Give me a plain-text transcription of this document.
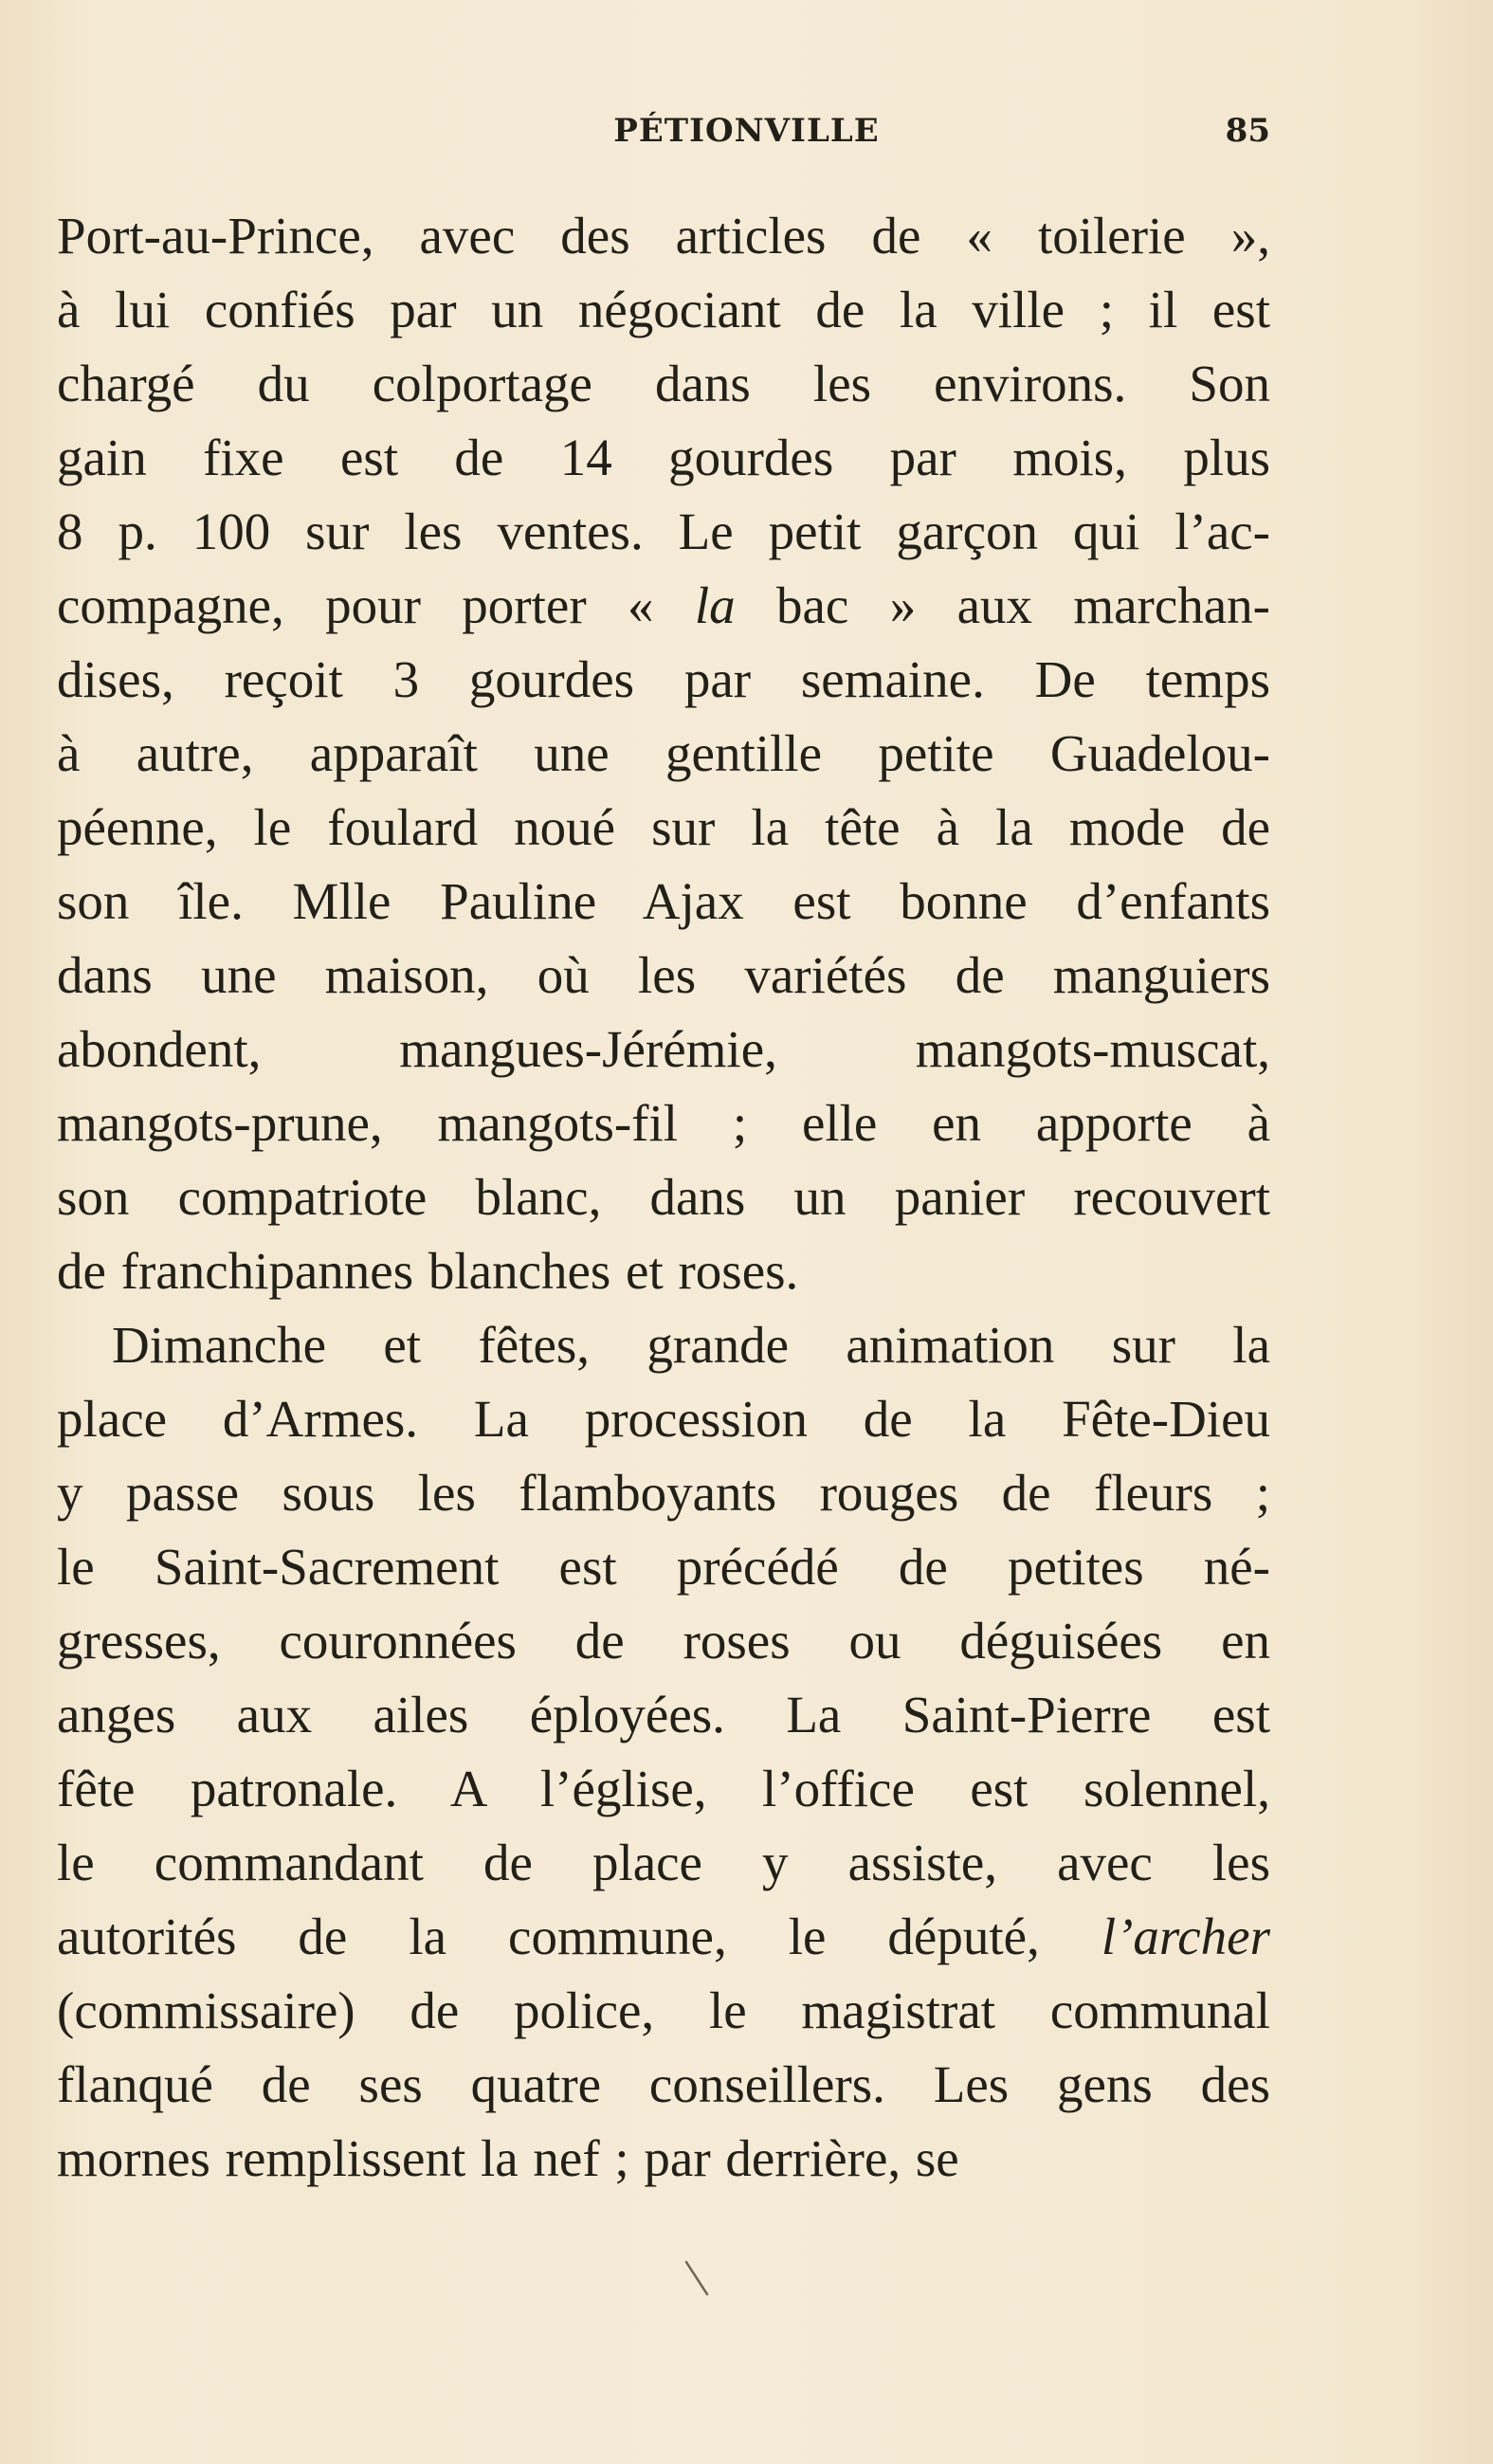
PÉTIONVILLE	85
Port-au-Prince, avec des articles de « toilerie »,
à lui confiés par un négociant de la ville ; il est
chargé du colportage dans les environs. Son
gain fixe est de 14 gourdes par mois, plus
8 p. 100 sur les ventes. Le petit garçon qui l’ac-
compagne, pour porter « la bac » aux marchan-
dises, reçoit 3 gourdes par semaine. De temps
à autre, apparaît une gentille petite Guadelou-
péenne, le foulard noué sur la tête à la mode de
son île. Mlle Pauline Ajax est bonne d’enfants
dans une maison, où les variétés de manguiers
abondent, mangues-Jérémie, mangots-muscat,
mangots-prune, mangots-fil ; elle en apporte à
son compatriote blanc, dans un panier recouvert
de franchipannes blanches et roses.
Dimanche et fêtes, grande animation sur la
place d’Armes. La procession de la Fête-Dieu
y passe sous les flamboyants rouges de fleurs ;
le Saint-Sacrement est précédé de petites né-
gresses, couronnées de roses ou déguisées en
anges aux ailes éployées. La Saint-Pierre est
fête patronale. A l’église, l’office est solennel,
le commandant de place y assiste, avec les
autorités de la commune, le député, l’archer
(commissaire) de police, le magistrat communal
flanqué de ses quatre conseillers. Les gens des
mornes remplissent la nef ; par derrière, se
